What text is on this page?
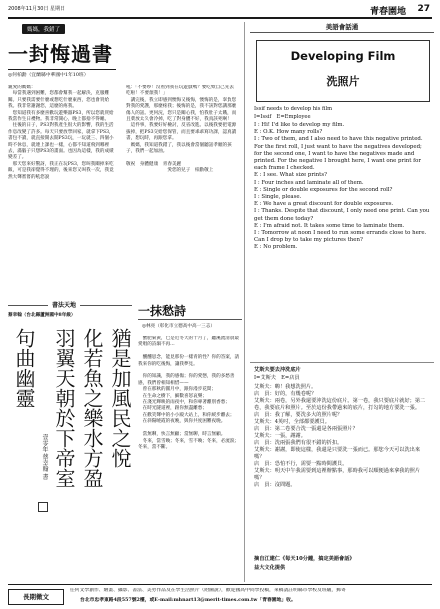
2008年11月30日 星期日	青春園地 27
媽媽，我錯了
一封悔過書
◎何柏勳（宜蘭縣中華國中1年10班）
親愛的媽媽：
　每當我遇到困難，您都會幫我一起解決，克服難關。只要我需要什麼或想吃什麼東西，您也會買給我。我非常謝謝您，這麼的疼我。
　您知道我有多麼喜歡玩遊樂器PS3，所以您就買給我當作生日禮物。我非常開心，晚上都捨不得睡。
　往後的日子，PS3對我產生很大的影響，我的生活作息改變了許多。每天只要放學回家，就拿下PS3，書包不讀，就直接開去開PS3玩，一玩就三、四個小時不休息，就連上課也一樣，心都不知道飛到哪裡去，滿腦子只想PS3的畫面。也因為這樣，我的成績變差了。
　那天您來好驚訝，我正在玩PS3，您叫我關掉來吃飯，可是我卻覺得不理的，後來您又叫我一次，我竟然大聲嘗嘗的吼您說
吼：「不要吵！沒看到我在玩遊戲嗎？要吃欸自己先去吃啦！不要煩我！」
　講完後，我立即感到懊悔又後悔，懊悔的是，辜負您對我的愛護，那麼疼我；後悔的是，我不該對您講那麼傷人的話。更何況，您只是關心我，怕我肚子太餓，而且菜放太久會冷掉，吃了對身體不好，我真該死啊！
　這件事，我要好好檢討，反省改進。以後我要把電源拔掉，把PS3交給您保管，而且要乖乖寫功課，認真讀書，想玩時，再跟您拿。
　媽媽，我知道我錯了，我以後會當個聽話孝順的孩子，我們一起加油。

敬祝　身體健康　青春美麗
　　　　　　　　　愛您的兒子　柏勳敬上
書法天地
蔡幸翰（台北縣蘆洲國中8年級）
猶是加風民之悅
化若魚之樂水方盈
羽翼天朝於下帝室
句曲幽靈
壹零年 蔡幸翰 書
一抹愁詩
◎林亮（彰化市立德高中高一三志）
　蟹肥菊黃，已是近冬天的十月了，聽溪流清晨最愛唱的詩韻不再…

　醺醺思念，能見那份一樣青的性？你的答案，請我來你的吃後悔，讓我夢見。

　你的知識，我的感傷；你的愛戀，我的多愁善感，我們曾相知相惜——
　曾在那秋的圓月中，跟你漫步花間；
　在生命之樹下，細數喜怒哀樂；
　在淺光輝映的雨夜中，和你專著離別香愁；
　在時光隧道裡，跟你無盡離愁；
　在歡笑聲中的小小殿大站上，和你緩步離去；
　在斜陽曉霞的夜晚，與你共度困難夜晚。

　當無聊，快言無顧；當無聊，時言無顧。
　冬來，當雪喚；冬來，雪不喚；冬來，必流淚；冬來，當不斷。
美語會話通
Developing Film
洗照片
Issif needs to develop his film
I=Issif　E=Employee
I : Hi! I'd like to develop my film.
E : O.K. How many rolls?
I : Two of them, and I also need to have this negative printed. For the first roll, I just want to have the negatives developed; for the second one, I want to have the negatives made and printed. For the negative I brought here, I want one print for each frame I checked.
E : I see. What size prints?
I : Four inches and laminate all of them.
E : Single or double exposures for the second roll?
I : Single, please.
E : We have a great discount for double exposures.
I : Thanks. Despite that discount, I only need one print. Can you get them done today?
E : I'm afraid not. It takes some time to laminate them.
I : Tomorrow at noon I need to run some errands close to here. Can I drop by to take my pictures then?
E : No problem.
艾斯夫要去沖洗底片
I=艾斯夫　E=店員
艾斯夫：嗨！我想洗照片。
店　員：好的，有幾卷呢？
艾斯夫：兩卷，另外我還要沖洗這份底片。第一卷，我只要底片就好；第二卷，我要底片和照片。至於這份我帶過來的底片，打勾的地方要洗一張。
店　員：我了解，要洗多大的照片呢？
艾斯夫：4英吋，全部都要護貝。
店　員：第二卷要合洗一張還是各兩張照片？
艾斯夫：一張，謝謝。
店　員：洗兩張我們有很不錯的折扣。
艾斯夫：謝謝，即使這樣，我還是只要洗一張而已。那您今天可以洗出來嗎？
店　員：恐怕不行，需要一點時間護貝。
艾斯夫：明天中午我需要到這裡辦點事，那時我可以順便過來拿我的照片嗎？
店　員：沒問題。
摘自江建仁《每天10分鐘，搞定美語會話》
益大文化提供
長期徵文
任何文學創作、繪畫、攝影、書法、美勞作品及在學生活照片（附圖說），歡迎國高中同學投稿，來稿請註明縣市學校及班級，郵寄
台北市忠孝東路4段557號2樓，或E-mail:mhnart13@merit-times.com.tw「青春園地」收。
